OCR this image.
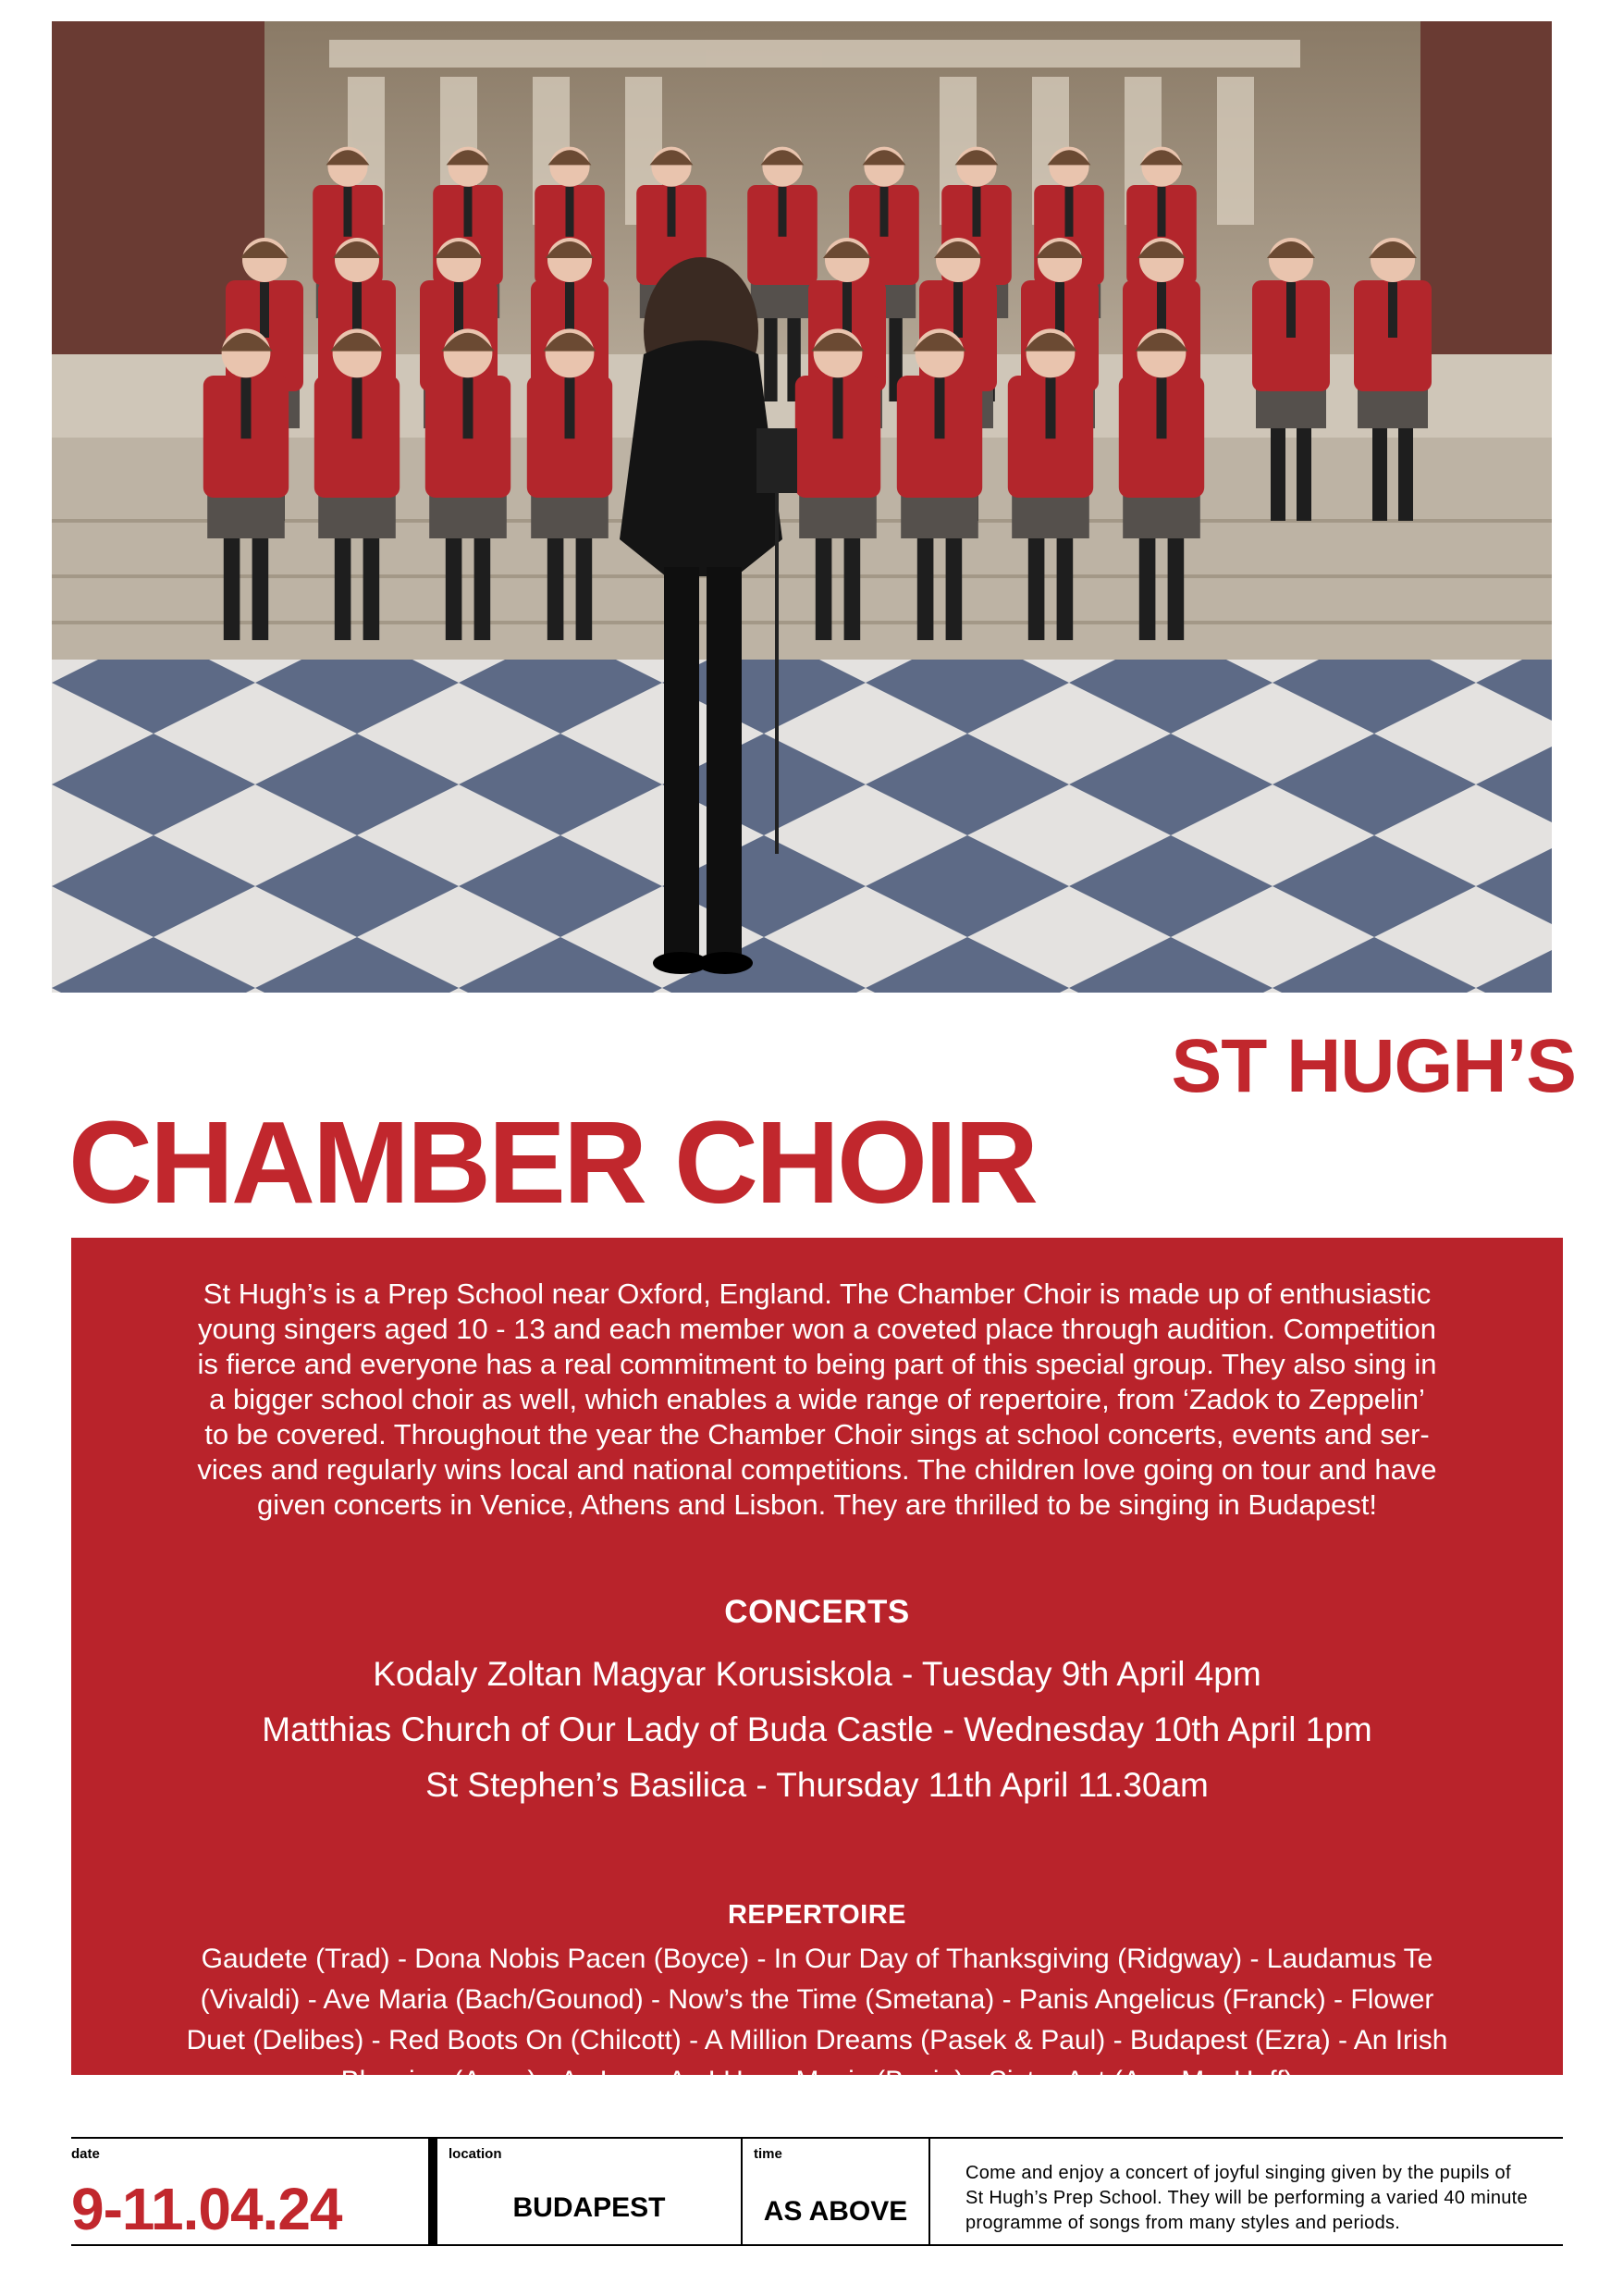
ST HUGH’S
CHAMBER CHOIR

St Hugh’s is a Prep School near Oxford, England. The Chamber Choir is made up of enthusiastic
young singers aged 10 - 13 and each member won a coveted place through audition. Competition
is fierce and everyone has a real commitment to being part of this special group. They also sing in
a bigger school choir as well, which enables a wide range of repertoire, from ‘Zadok to Zeppelin’
to be covered. Throughout the year the Chamber Choir sings at school concerts, events and ser-
vices and regularly wins local and national competitions. The children love going on tour and have
given concerts in Venice, Athens and Lisbon. They are thrilled to be singing in Budapest!

CONCERTS
Kodaly Zoltan Magyar Korusiskola - Tuesday 9th April 4pm
Matthias Church of Our Lady of Buda Castle - Wednesday 10th April 1pm
St Stephen’s Basilica - Thursday 11th April 11.30am
REPERTOIRE

Gaudete (Trad) - Dona Nobis Pacen (Boyce) - In Our Day of Thanksgiving (Ridgway) - Laudamus Te
(Vivaldi) - Ave Maria (Bach/Gounod) - Now’s the Time (Smetana) - Panis Angelicus (Franck) - Flower
Duet (Delibes) - Red Boots On (Chilcott) - A Million Dreams (Pasek & Paul) - Budapest (Ezra) - An Irish
Blessing (Anon) - As Long As I Have Music (Besig) - Sister Act (Are. MacHuff)

date
9-11.04.24
location
BUDAPEST
time
AS ABOVE
Come and enjoy a concert of joyful singing given by the pupils of
St Hugh’s Prep School. They will be performing a varied 40 minute
programme of songs from many styles and periods.
